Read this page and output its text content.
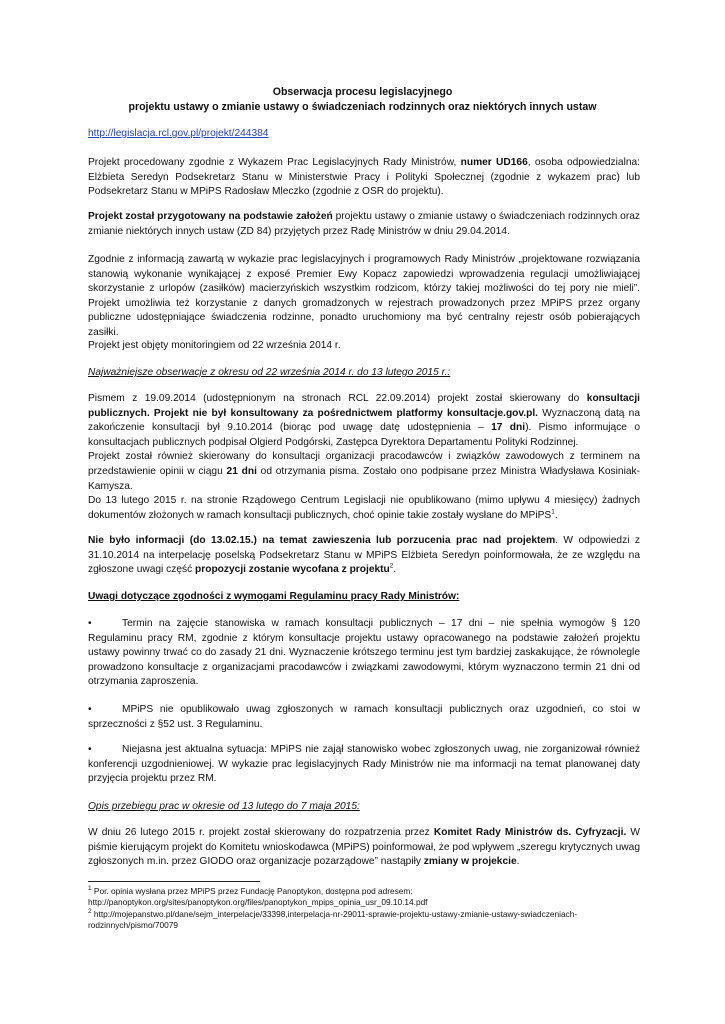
Obserwacja procesu legislacyjnego
projektu ustawy o zmianie ustawy o świadczeniach rodzinnych oraz niektórych innych ustaw
http://legislacja.rcl.gov.pl/projekt/244384
Projekt procedowany zgodnie z Wykazem Prac Legislacyjnych Rady Ministrów, numer UD166, osoba odpowiedzialna: Elżbieta Seredyn Podsekretarz Stanu w Ministerstwie Pracy i Polityki Społecznej (zgodnie z wykazem prac) lub Podsekretarz Stanu w MPiPS Radosław Mleczko (zgodnie z OSR do projektu).
Projekt został przygotowany na podstawie założeń projektu ustawy o zmianie ustawy o świadczeniach rodzinnych oraz zmianie niektórych innych ustaw (ZD 84) przyjętych przez Radę Ministrów w dniu 29.04.2014.
Zgodnie z informacją zawartą w wykazie prac legislacyjnych i programowych Rady Ministrów „projektowane rozwiązania stanowią wykonanie wynikającej z exposé Premier Ewy Kopacz zapowiedzi wprowadzenia regulacji umożliwiającej skorzystanie z urlopów (zasiłków) macierzyńskich wszystkim rodzicom, którzy takiej możliwości do tej pory nie mieli”. Projekt umożliwia też korzystanie z danych gromadzonych w rejestrach prowadzonych przez MPiPS przez organy publiczne udostępniające świadczenia rodzinne, ponadto uruchomiony ma być centralny rejestr osób pobierających zasiłki.
Projekt jest objęty monitoringiem od 22 września 2014 r.
Najważniejsze obserwacje z okresu od 22 września 2014 r. do 13 lutego 2015 r.:
Pismem z 19.09.2014 (udostępnionym na stronach RCL 22.09.2014) projekt został skierowany do konsultacji publicznych. Projekt nie był konsultowany za pośrednictwem platformy konsultacje.gov.pl. Wyznaczoną datą na zakończenie konsultacji był 9.10.2014 (biorąc pod uwagę datę udostępnienia – 17 dni). Pismo informujące o konsultacjach publicznych podpisał Olgierd Podgórski, Zastępca Dyrektora Departamentu Polityki Rodzinnej.
Projekt został również skierowany do konsultacji organizacji pracodawców i związków zawodowych z terminem na przedstawienie opinii w ciągu 21 dni od otrzymania pisma. Zostało ono podpisane przez Ministra Władysława Kosiniak-Kamysza.
Do 13 lutego 2015 r. na stronie Rządowego Centrum Legislacji nie opublikowano (mimo upływu 4 miesięcy) żadnych dokumentów złożonych w ramach konsultacji publicznych, choć opinie takie zostały wysłane do MPiPS$^1$.
Nie było informacji (do 13.02.15.) na temat zawieszenia lub porzucenia prac nad projektem. W odpowiedzi z 31.10.2014 na interpelację poselską Podsekretarz Stanu w MPiPS Elżbieta Seredyn poinformowała, że ze względu na zgłoszone uwagi część propozycji zostanie wycofana z projektu$^2$.
Uwagi dotyczące zgodności z wymogami Regulaminu pracy Rady Ministrów:
•	Termin na zajęcie stanowiska w ramach konsultacji publicznych – 17 dni – nie spełnia wymogów § 120 Regulaminu pracy RM, zgodnie z którym konsultacje projektu ustawy opracowanego na podstawie założeń projektu ustawy powinny trwać co do zasady 21 dni. Wyznaczenie krótszego terminu jest tym bardziej zaskakujące, że równolegle prowadzono konsultacje z organizacjami pracodawców i związkami zawodowymi, którym wyznaczono termin 21 dni od otrzymania zaproszenia.
•	MPiPS nie opublikowało uwag zgłoszonych w ramach konsultacji publicznych oraz uzgodnień, co stoi w sprzeczności z §52 ust. 3 Regulaminu.
•	Niejasna jest aktualna sytuacja: MPiPS nie zajął stanowisko wobec zgłoszonych uwag, nie zorganizował również konferencji uzgodnieniowej. W wykazie prac legislacyjnych Rady Ministrów nie ma informacji na temat planowanej daty przyjęcia projektu przez RM.
Opis przebiegu prac w okresie od 13 lutego do 7 maja 2015:
W dniu 26 lutego 2015 r. projekt został skierowany do rozpatrzenia przez Komitet Rady Ministrów ds. Cyfryzacji. W piśmie kierującym projekt do Komitetu wnioskodawca (MPiPS) poinformował, że pod wpływem „szeregu krytycznych uwag zgłoszonych m.in. przez GIODO oraz organizacje pozarządowe” nastąpiły zmiany w projekcie.
$^1$ Por. opinia wysłana przez MPiPS przez Fundację Panoptykon, dostępna pod adresem:
http://panoptykon.org/sites/panoptykon.org/files/panoptykon_mpips_opinia_usr_09.10.14.pdf
$^2$ http://mojepanstwo.pl/dane/sejm_interpelacje/33398,interpelacja-nr-29011-sprawie-projektu-ustawy-zmianie-ustawy-swiadczeniach-rodzinnych/pismo/70079
